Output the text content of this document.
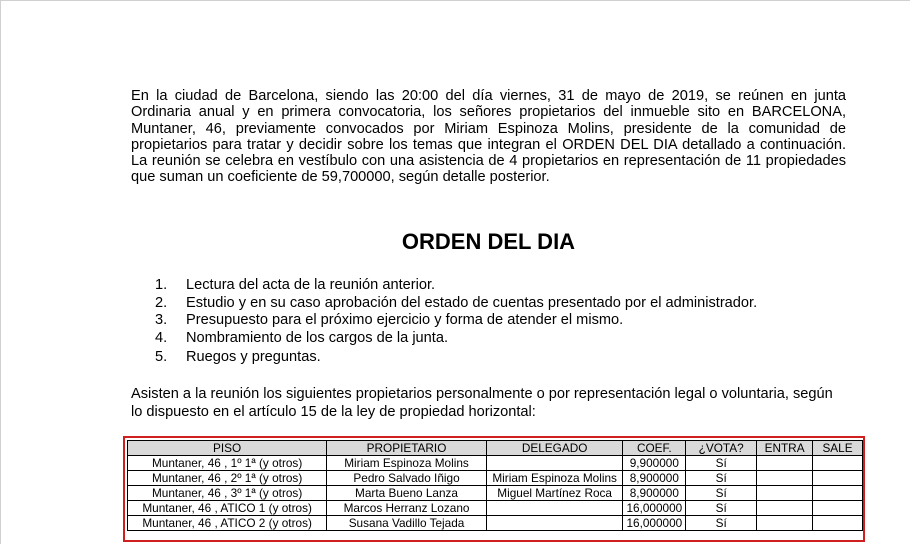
En la ciudad de Barcelona, siendo las 20:00 del día viernes, 31 de mayo de 2019, se reúnen en junta Ordinaria anual y en primera convocatoria, los señores propietarios del inmueble sito en BARCELONA, Muntaner, 46, previamente convocados por Miriam Espinoza Molins, presidente de la comunidad de propietarios para tratar y decidir sobre los temas que integran el ORDEN DEL DIA detallado a continuación. La reunión se celebra en vestíbulo con una asistencia de 4 propietarios en representación de 11 propiedades que suman un coeficiente de 59,700000, según detalle posterior.

ORDEN DEL DIA
1. Lectura del acta de la reunión anterior.
2. Estudio y en su caso aprobación del estado de cuentas presentado por el administrador.
3. Presupuesto para el próximo ejercicio y forma de atender el mismo.
4. Nombramiento de los cargos de la junta.
5. Ruegos y preguntas.

Asisten a la reunión los siguientes propietarios personalmente o por representación legal o voluntaria, según lo dispuesto en el artículo 15 de la ley de propiedad horizontal:

PISO	PROPIETARIO	DELEGADO	COEF.	¿VOTA?	ENTRA	SALE
Muntaner, 46 , 1º 1ª (y otros)	Miriam Espinoza Molins		9,900000	Sí		
Muntaner, 46 , 2º 1ª (y otros)	Pedro Salvado Iñigo	Miriam Espinoza Molins	8,900000	Sí		
Muntaner, 46 , 3º 1ª (y otros)	Marta Bueno Lanza	Miguel Martínez Roca	8,900000	Sí		
Muntaner, 46 , ATICO 1 (y otros)	Marcos Herranz Lozano		16,000000	Sí		
Muntaner, 46 , ATICO 2 (y otros)	Susana Vadillo Tejada		16,000000	Sí		
